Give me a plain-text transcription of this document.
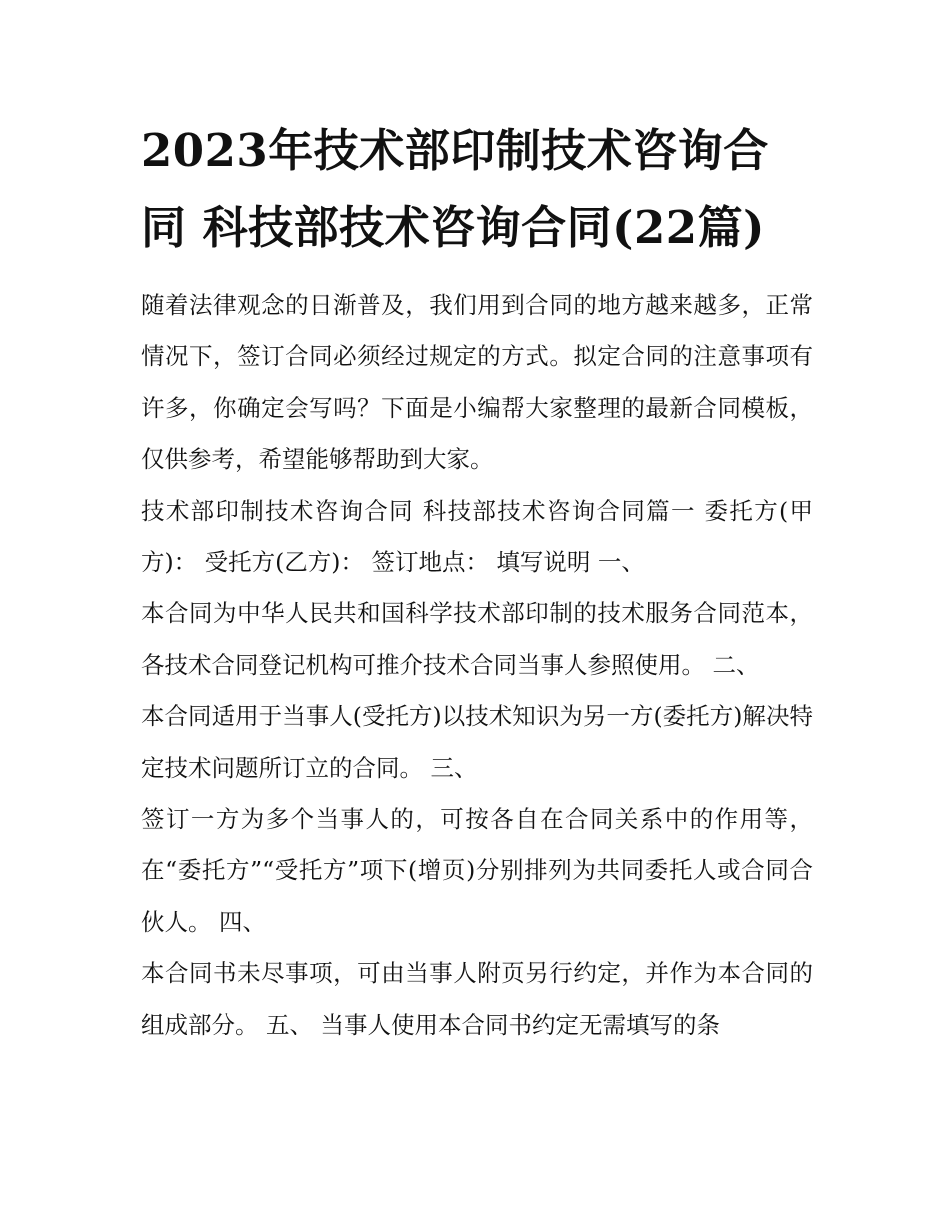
2023年技术部印制技术咨询合同 科技部技术咨询合同(22篇)

随着法律观念的日渐普及，我们用到合同的地方越来越多，正常情况下，签订合同必须经过规定的方式。拟定合同的注意事项有许多，你确定会写吗？下面是小编帮大家整理的最新合同模板，仅供参考，希望能够帮助到大家。

技术部印制技术咨询合同 科技部技术咨询合同篇一 委托方(甲方)： 受托方(乙方)： 签订地点： 填写说明 一、

本合同为中华人民共和国科学技术部印制的技术服务合同范本，各技术合同登记机构可推介技术合同当事人参照使用。 二、

本合同适用于当事人(受托方)以技术知识为另一方(委托方)解决特定技术问题所订立的合同。 三、

签订一方为多个当事人的，可按各自在合同关系中的作用等，在“委托方”“受托方”项下(增页)分别排列为共同委托人或合同合伙人。 四、

本合同书未尽事项，可由当事人附页另行约定，并作为本合同的组成部分。 五、 当事人使用本合同书约定无需填写的条
